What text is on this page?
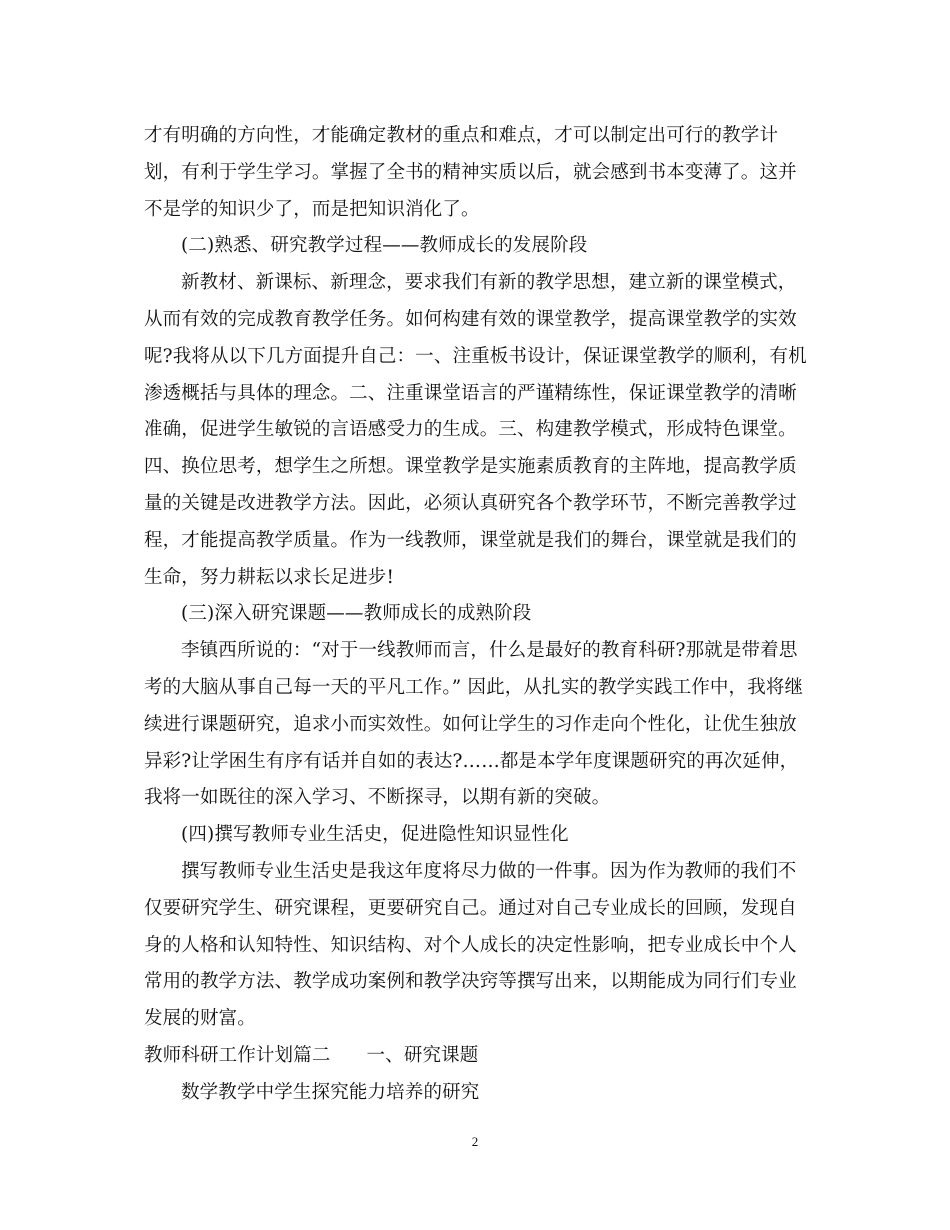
才有明确的方向性，才能确定教材的重点和难点，才可以制定出可行的教学计
划，有利于学生学习。掌握了全书的精神实质以后，就会感到书本变薄了。这并
不是学的知识少了，而是把知识消化了。
(二)熟悉、研究教学过程——教师成长的发展阶段
新教材、新课标、新理念，要求我们有新的教学思想，建立新的课堂模式，
从而有效的完成教育教学任务。如何构建有效的课堂教学，提高课堂教学的实效
呢?我将从以下几方面提升自己：一、注重板书设计，保证课堂教学的顺利，有机
渗透概括与具体的理念。二、注重课堂语言的严谨精练性，保证课堂教学的清晰
准确，促进学生敏锐的言语感受力的生成。三、构建教学模式，形成特色课堂。
四、换位思考，想学生之所想。课堂教学是实施素质教育的主阵地，提高教学质
量的关键是改进教学方法。因此，必须认真研究各个教学环节，不断完善教学过
程，才能提高教学质量。作为一线教师，课堂就是我们的舞台，课堂就是我们的
生命，努力耕耘以求长足进步!
(三)深入研究课题——教师成长的成熟阶段
李镇西所说的：“对于一线教师而言，什么是最好的教育科研?那就是带着思
考的大脑从事自己每一天的平凡工作。” 因此，从扎实的教学实践工作中，我将继
续进行课题研究，追求小而实效性。如何让学生的习作走向个性化，让优生独放
异彩?让学困生有序有话并自如的表达?……都是本学年度课题研究的再次延伸，
我将一如既往的深入学习、不断探寻，以期有新的突破。
(四)撰写教师专业生活史，促进隐性知识显性化
撰写教师专业生活史是我这年度将尽力做的一件事。因为作为教师的我们不
仅要研究学生、研究课程，更要研究自己。通过对自己专业成长的回顾，发现自
身的人格和认知特性、知识结构、对个人成长的决定性影响，把专业成长中个人
常用的教学方法、教学成功案例和教学决窍等撰写出来，以期能成为同行们专业
发展的财富。
教师科研工作计划篇二 一、研究课题
数学教学中学生探究能力培养的研究
2
